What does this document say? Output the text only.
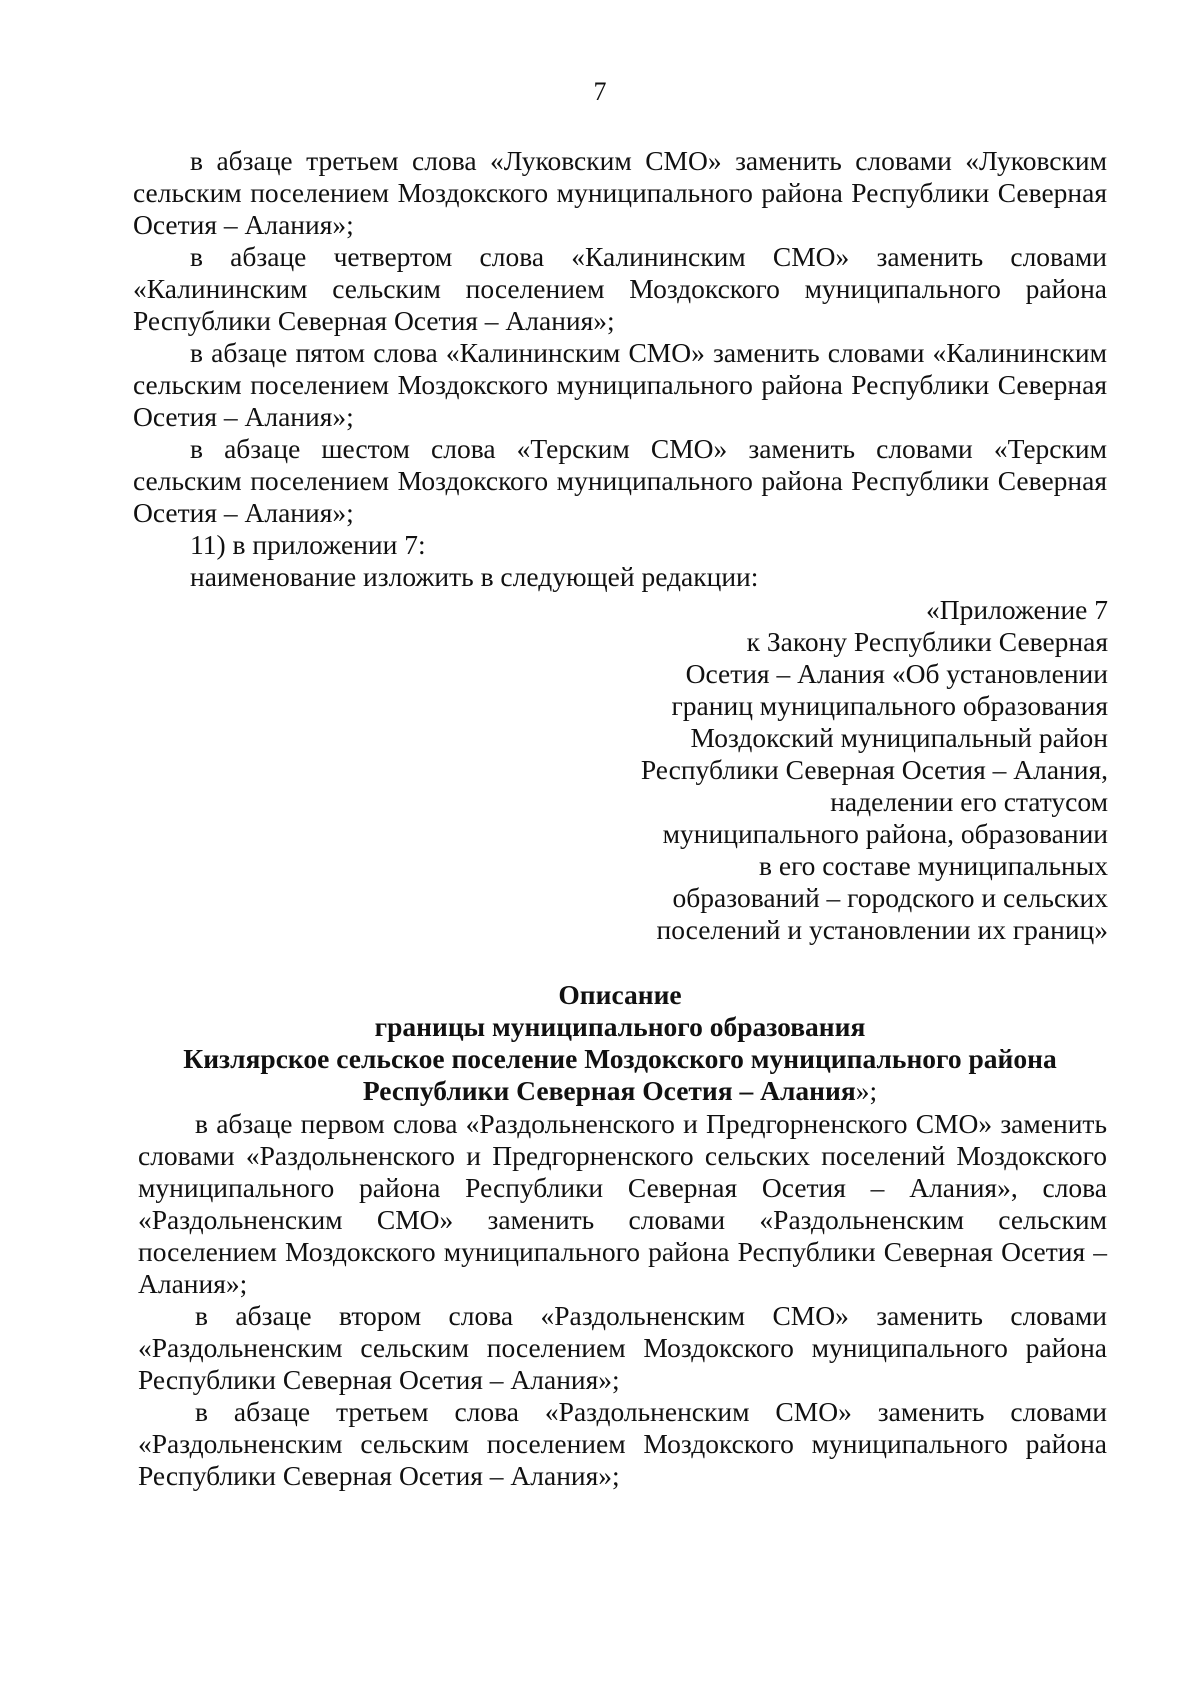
7

в абзаце третьем слова «Луковским СМО» заменить словами «Луковским сельским поселением Моздокского муниципального района Республики Северная Осетия – Алания»;

в абзаце четвертом слова «Калининским СМО» заменить словами «Калининским сельским поселением Моздокского муниципального района Республики Северная Осетия – Алания»;

в абзаце пятом слова «Калининским СМО» заменить словами «Калининским сельским поселением Моздокского муниципального района Республики Северная Осетия – Алания»;

в абзаце шестом слова «Терским СМО» заменить словами «Терским сельским поселением Моздокского муниципального района Республики Северная Осетия – Алания»;

11) в приложении 7:

наименование изложить в следующей редакции:

«Приложение 7
к Закону Республики Северная
Осетия – Алания «Об установлении
границ муниципального образования
Моздокский муниципальный район
Республики Северная Осетия – Алания,
наделении его статусом
муниципального района, образовании
в его составе муниципальных
образований – городского и сельских
поселений и установлении их границ»
Описание
границы муниципального образования
Кизлярское сельское поселение Моздокского муниципального района
Республики Северная Осетия – Алания»;

в абзаце первом слова «Раздольненского и Предгорненского СМО» заменить словами «Раздольненского и Предгорненского сельских поселений Моздокского муниципального района Республики Северная Осетия – Алания», слова «Раздольненским СМО» заменить словами «Раздольненским сельским поселением Моздокского муниципального района Республики Северная Осетия – Алания»;

в абзаце втором слова «Раздольненским СМО» заменить словами «Раздольненским сельским поселением Моздокского муниципального района Республики Северная Осетия – Алания»;

в абзаце третьем слова «Раздольненским СМО» заменить словами «Раздольненским сельским поселением Моздокского муниципального района Республики Северная Осетия – Алания»;
